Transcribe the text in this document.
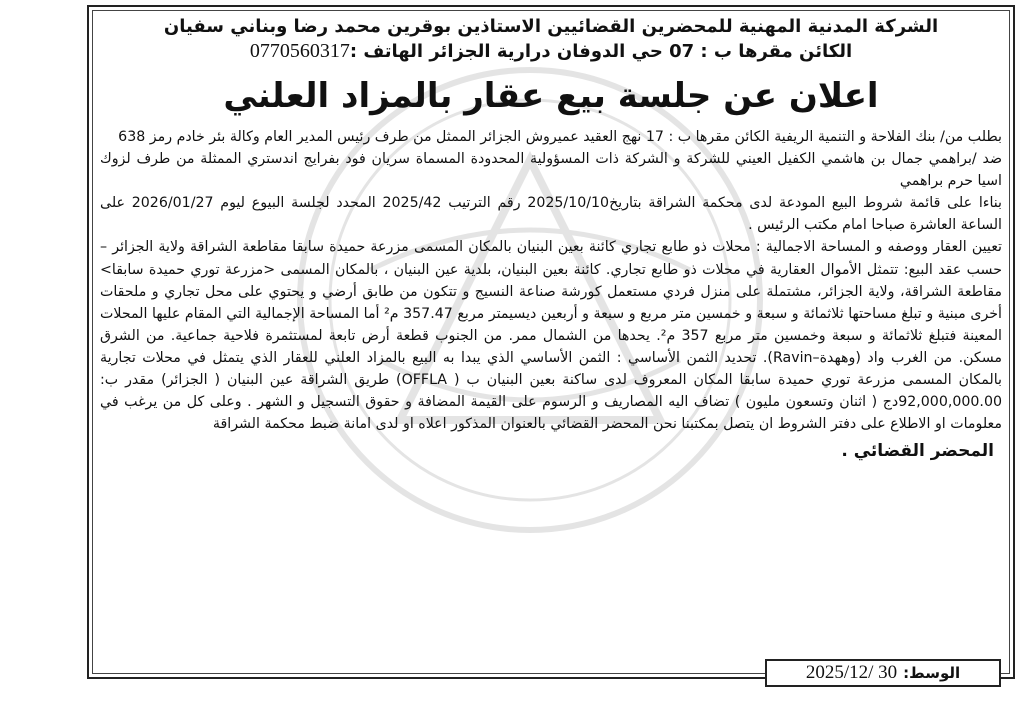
الشركة المدنية المهنية للمحضرين القضائيين الاستاذين بوقرين محمد رضا وبناني سفيان
الكائن مقرها ب : 07 حي الدوفان درارية الجزائر الهاتف :0770560317
اعلان عن جلسة بيع عقار بالمزاد العلني

بطلب من/ بنك الفلاحة و التنمية الريفية الكائن مقرها ب : 17 نهج العقيد عميروش الجزائر الممثل من طرف رئيس المدير العام وكالة بئر خادم رمز 638

ضد /براهمي جمال بن هاشمي الكفيل العيني للشركة و الشركة ذات المسؤولية المحدودة المسماة سريان فود بفرايج اندستري الممثلة من طرف لزوك اسيا حرم براهمي

بناءا على قائمة شروط البيع المودعة لدى محكمة الشراقة بتاريخ2025/10/10 رقم الترتيب 2025/42 المحدد لجلسة البيوع ليوم 2026/01/27 على الساعة العاشرة صباحا امام مكتب الرئيس .

تعيين العقار ووصفه و المساحة الاجمالية : محلات ذو طابع تجاري كائنة بعين البنيان بالمكان المسمى مزرعة حميدة سابقا مقاطعة الشراقة ولاية الجزائر – حسب عقد البيع: تتمثل الأموال العقارية في محلات ذو طابع تجاري. كائنة بعين البنيان، بلدية عين البنيان ، بالمكان المسمى <مزرعة توري حميدة سابقا> مقاطعة الشراقة، ولاية الجزائر، مشتملة على منزل فردي مستعمل كورشة صناعة النسيج و تتكون من طابق أرضي و يحتوي على محل تجاري و ملحقات أخرى مبنية و تبلغ مساحتها ثلاثمائة و سبعة و خمسين متر مربع و سبعة و أربعين ديسيمتر مربع 357.47 م² أما المساحة الإجمالية التي المقام عليها المحلات المعينة فتبلغ ثلاثمائة و سبعة وخمسين متر مربع 357 م². يحدها من الشمال ممر. من الجنوب قطعة أرض تابعة لمستثمرة فلاحية جماعية. من الشرق مسكن. من الغرب واد (وههدة–Ravin). تحديد الثمن الأساسي : الثمن الأساسي الذي يبدا به البيع بالمزاد العلني للعقار الذي يتمثل في محلات تجارية بالمكان المسمى مزرعة توري حميدة سابقا المكان المعروف لدى ساكنة بعين البنيان ب ( OFFLA) طريق الشراقة عين البنيان ( الجزائر) مقدر ب: 92,000,000.00دج ( اثنان وتسعون مليون ) تضاف اليه المصاريف و الرسوم على القيمة المضافة و حقوق التسجيل و الشهر . وعلى كل من يرغب في معلومات او الاطلاع على دفتر الشروط ان يتصل بمكتبنا نحن المحضر القضائي بالعنوان المذكور اعلاه او لدى امانة ضبط محكمة الشراقة

المحضر القضائي .
الوسط:
2025/12/ 30
